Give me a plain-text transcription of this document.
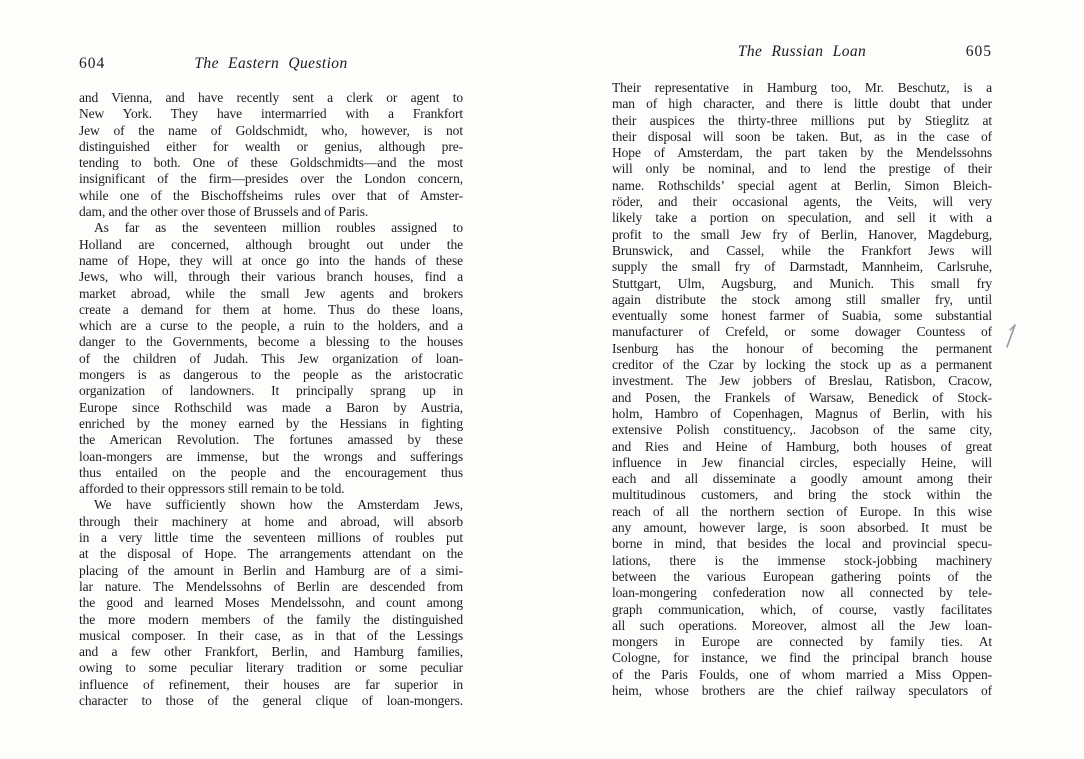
604	The Eastern Question
and Vienna, and have recently sent a clerk or agent to
New York. They have intermarried with a Frankfort
Jew of the name of Goldschmidt, who, however, is not
distinguished either for wealth or genius, although pre-
tending to both. One of these Goldschmidts—and the most
insignificant of the firm—presides over the London concern,
while one of the Bischoffsheims rules over that of Amster-
dam, and the other over those of Brussels and of Paris.
As far as the seventeen million roubles assigned to
Holland are concerned, although brought out under the
name of Hope, they will at once go into the hands of these
Jews, who will, through their various branch houses, find a
market abroad, while the small Jew agents and brokers
create a demand for them at home. Thus do these loans,
which are a curse to the people, a ruin to the holders, and a
danger to the Governments, become a blessing to the houses
of the children of Judah. This Jew organization of loan-
mongers is as dangerous to the people as the aristocratic
organization of landowners. It principally sprang up in
Europe since Rothschild was made a Baron by Austria,
enriched by the money earned by the Hessians in fighting
the American Revolution. The fortunes amassed by these
loan-mongers are immense, but the wrongs and sufferings
thus entailed on the people and the encouragement thus
afforded to their oppressors still remain to be told.
We have sufficiently shown how the Amsterdam Jews,
through their machinery at home and abroad, will absorb
in a very little time the seventeen millions of roubles put
at the disposal of Hope. The arrangements attendant on the
placing of the amount in Berlin and Hamburg are of a simi-
lar nature. The Mendelssohns of Berlin are descended from
the good and learned Moses Mendelssohn, and count among
the more modern members of the family the distinguished
musical composer. In their case, as in that of the Lessings
and a few other Frankfort, Berlin, and Hamburg families,
owing to some peculiar literary tradition or some peculiar
influence of refinement, their houses are far superior in
character to those of the general clique of loan-mongers.
The Russian Loan	605
Their representative in Hamburg too, Mr. Beschutz, is a
man of high character, and there is little doubt that under
their auspices the thirty-three millions put by Stieglitz at
their disposal will soon be taken. But, as in the case of
Hope of Amsterdam, the part taken by the Mendelssohns
will only be nominal, and to lend the prestige of their
name. Rothschilds’ special agent at Berlin, Simon Bleich-
röder, and their occasional agents, the Veits, will very
likely take a portion on speculation, and sell it with a
profit to the small Jew fry of Berlin, Hanover, Magdeburg,
Brunswick, and Cassel, while the Frankfort Jews will
supply the small fry of Darmstadt, Mannheim, Carlsruhe,
Stuttgart, Ulm, Augsburg, and Munich. This small fry
again distribute the stock among still smaller fry, until
eventually some honest farmer of Suabia, some substantial
manufacturer of Crefeld, or some dowager Countess of
Isenburg has the honour of becoming the permanent
creditor of the Czar by locking the stock up as a permanent
investment. The Jew jobbers of Breslau, Ratisbon, Cracow,
and Posen, the Frankels of Warsaw, Benedick of Stock-
holm, Hambro of Copenhagen, Magnus of Berlin, with his
extensive Polish constituency,. Jacobson of the same city,
and Ries and Heine of Hamburg, both houses of great
influence in Jew financial circles, especially Heine, will
each and all disseminate a goodly amount among their
multitudinous customers, and bring the stock within the
reach of all the northern section of Europe. In this wise
any amount, however large, is soon absorbed. It must be
borne in mind, that besides the local and provincial specu-
lations, there is the immense stock-jobbing machinery
between the various European gathering points of the
loan-mongering confederation now all connected by tele-
graph communication, which, of course, vastly facilitates
all such operations. Moreover, almost all the Jew loan-
mongers in Europe are connected by family ties. At
Cologne, for instance, we find the principal branch house
of the Paris Foulds, one of whom married a Miss Oppen-
heim, whose brothers are the chief railway speculators of
